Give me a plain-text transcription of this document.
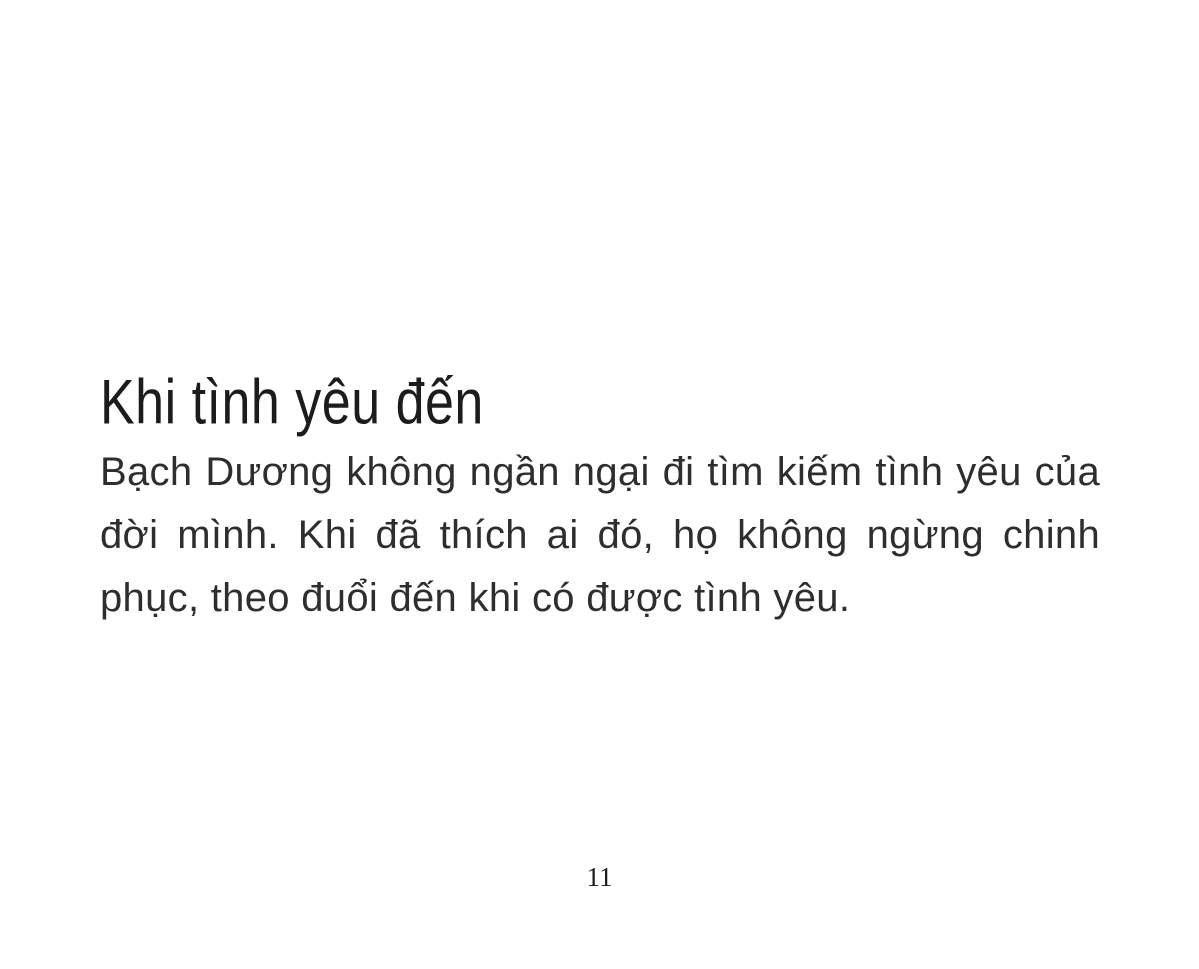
Khi tình yêu đến
Bạch Dương không ngần ngại đi tìm kiếm tình yêu của
đời mình. Khi đã thích ai đó, họ không ngừng chinh
phục, theo đuổi đến khi có được tình yêu.
11
